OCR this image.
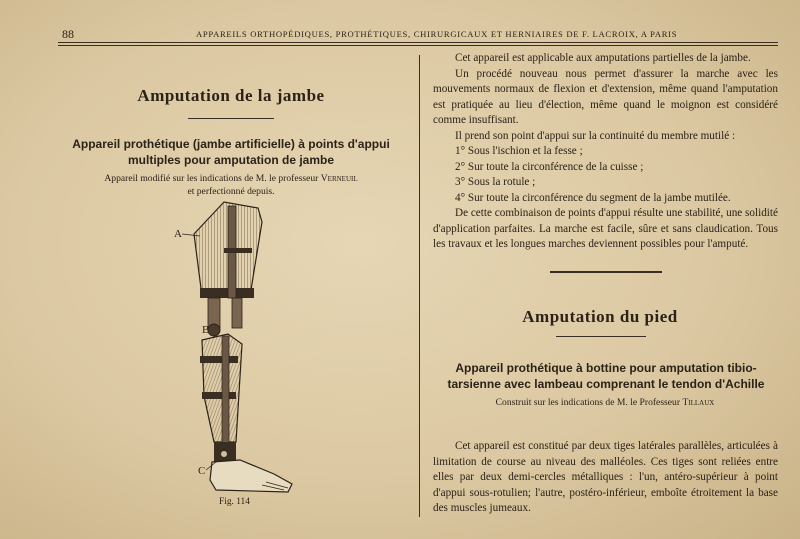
88	APPAREILS ORTHOPÉDIQUES, PROTHÉTIQUES, CHIRURGICAUX ET HERNIAIRES DE F. LACROIX, A PARIS
Amputation de la jambe
Appareil prothétique (jambe artificielle) à points d'appui multiples pour amputation de jambe
Appareil modifié sur les indications de M. le professeur Verneuil
et perfectionné depuis.
A
B
C
Fig. 114

Cet appareil est applicable aux amputations partielles de la jambe.

Un procédé nouveau nous permet d'assurer la marche avec les mouvements normaux de flexion et d'extension, même quand l'amputation est pratiquée au lieu d'élection, même quand le moignon est considéré comme insuffisant.

Il prend son point d'appui sur la continuité du membre mutilé :

1° Sous l'ischion et la fesse ;

2° Sur toute la circonférence de la cuisse ;

3° Sous la rotule ;

4° Sur toute la circonférence du segment de la jambe mutilée.

De cette combinaison de points d'appui résulte une stabilité, une solidité d'application parfaites. La marche est facile, sûre et sans claudication. Tous les travaux et les longues marches deviennent possibles pour l'amputé.

Amputation du pied
Appareil prothétique à bottine pour amputation tibio-tarsienne avec lambeau comprenant le tendon d'Achille
Construit sur les indications de M. le Professeur Tillaux

Cet appareil est constitué par deux tiges latérales parallèles, articulées à limitation de course au niveau des malléoles. Ces tiges sont reliées entre elles par deux demi-cercles métalliques : l'un, antéro-supérieur à point d'appui sous-rotulien; l'autre, postéro-inférieur, emboîte étroitement la base des muscles jumeaux.
